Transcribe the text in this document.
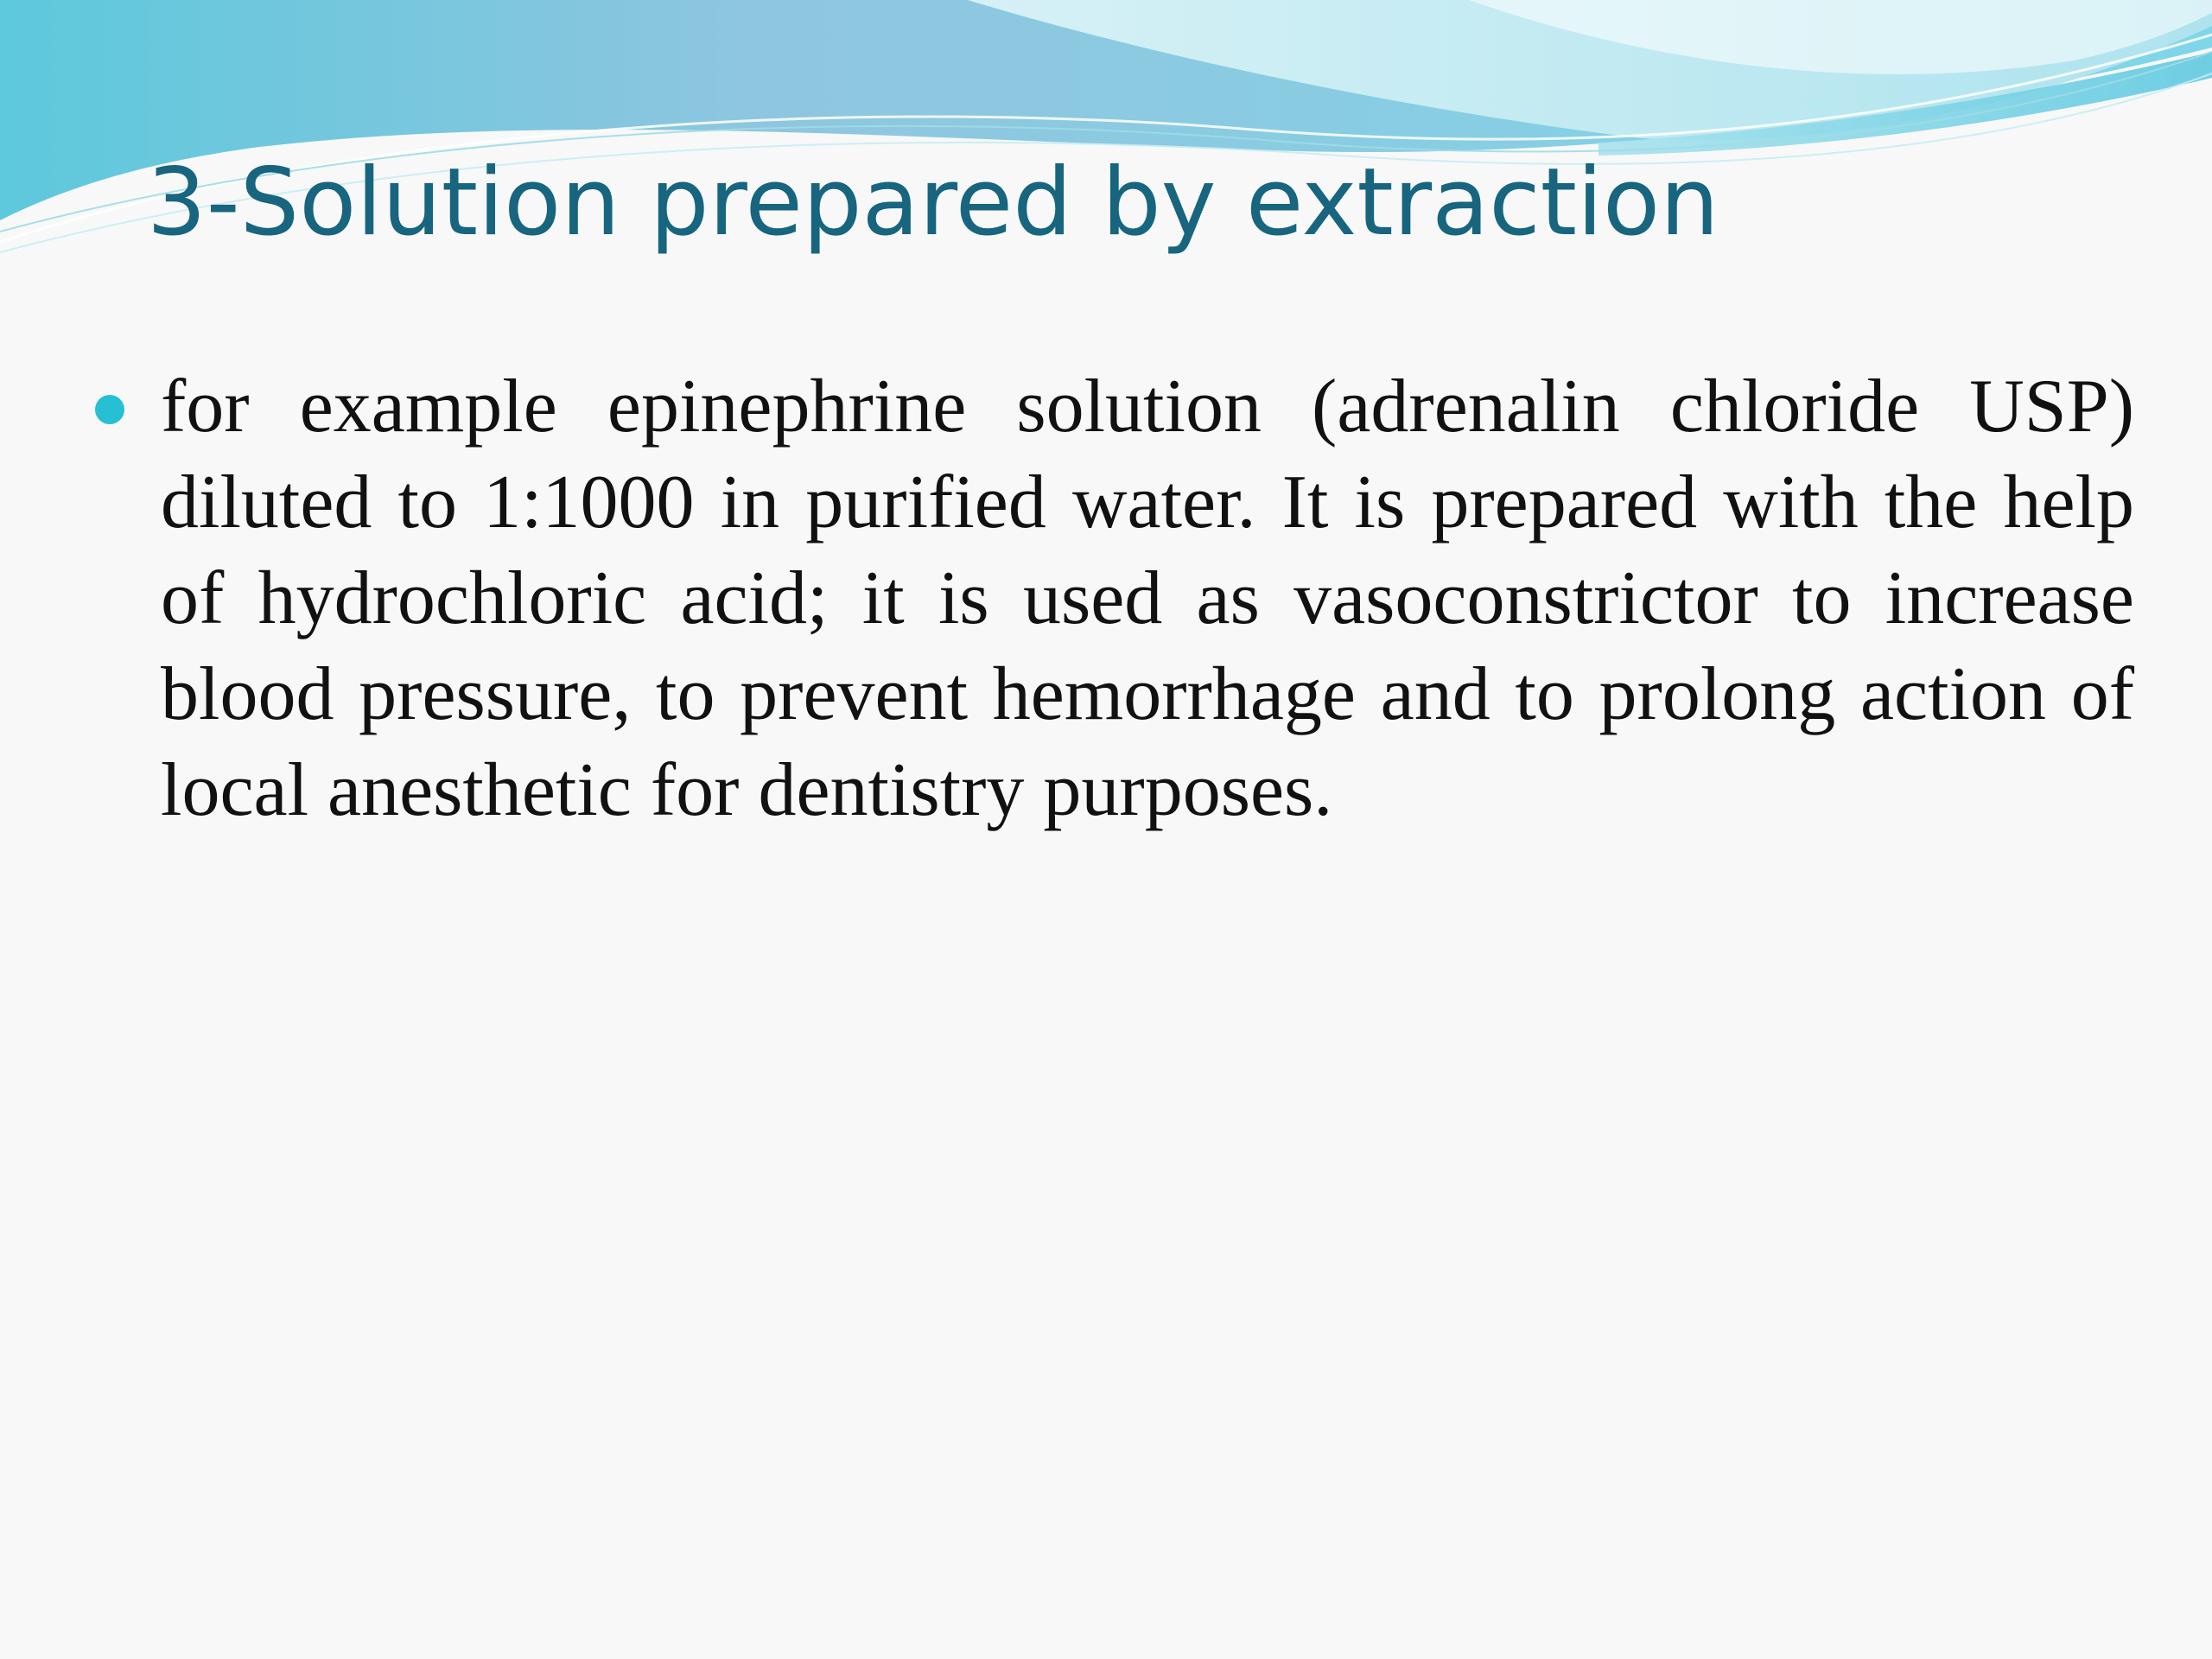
3-Solution prepared by extraction

for example epinephrine solution (adrenalin chloride USP) diluted to 1:1000 in purified water. It is prepared with the help of hydrochloric acid; it is used as vasoconstrictor to increase blood pressure, to prevent hemorrhage and to prolong action of local anesthetic for dentistry purposes.
